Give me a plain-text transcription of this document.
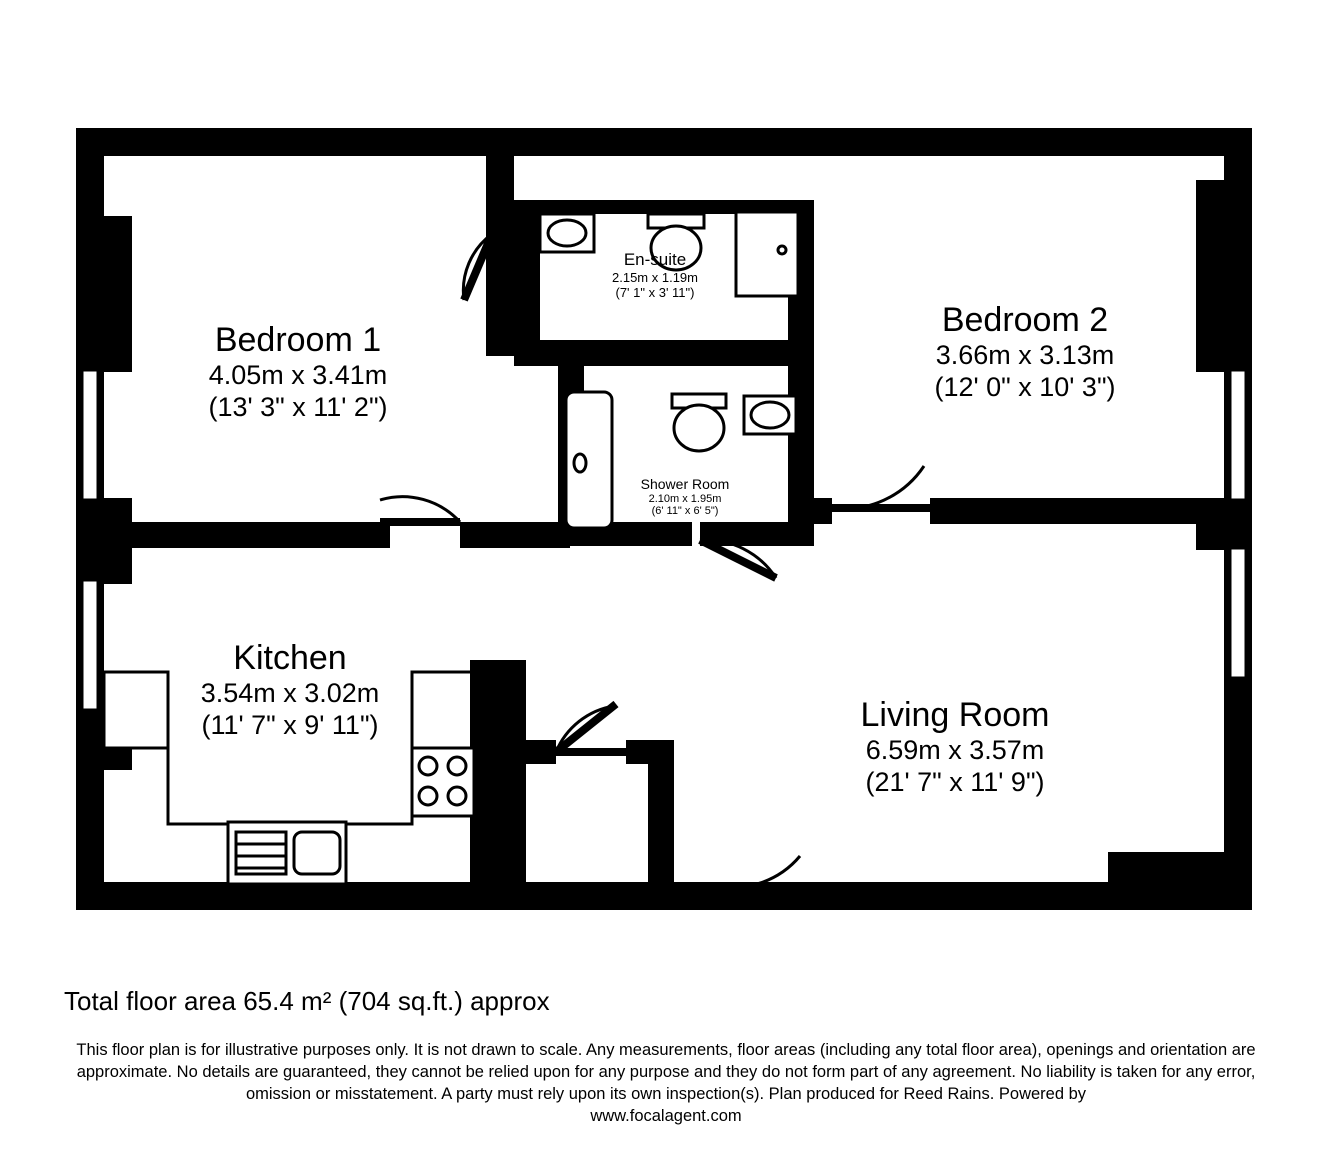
Bedroom 1
4.05m x 3.41m
(13' 3" x 11' 2")
Bedroom 2
3.66m x 3.13m
(12' 0" x 10' 3")
En-suite
2.15m x 1.19m
(7' 1" x 3' 11")
Shower Room
2.10m x 1.95m
(6' 11" x 6' 5")
Kitchen
3.54m x 3.02m
(11' 7" x 9' 11")	Living Room
6.59m x 3.57m
(21' 7" x 11' 9")
Total floor area 65.4 m² (704 sq.ft.) approx
This floor plan is for illustrative purposes only. It is not drawn to scale. Any measurements, floor areas (including any total floor area), openings and orientation are approximate. No details are guaranteed, they cannot be relied upon for any purpose and they do not form part of any agreement. No liability is taken for any error, omission or misstatement. A party must rely upon its own inspection(s). Plan produced for Reed Rains. Powered by
www.focalagent.com
